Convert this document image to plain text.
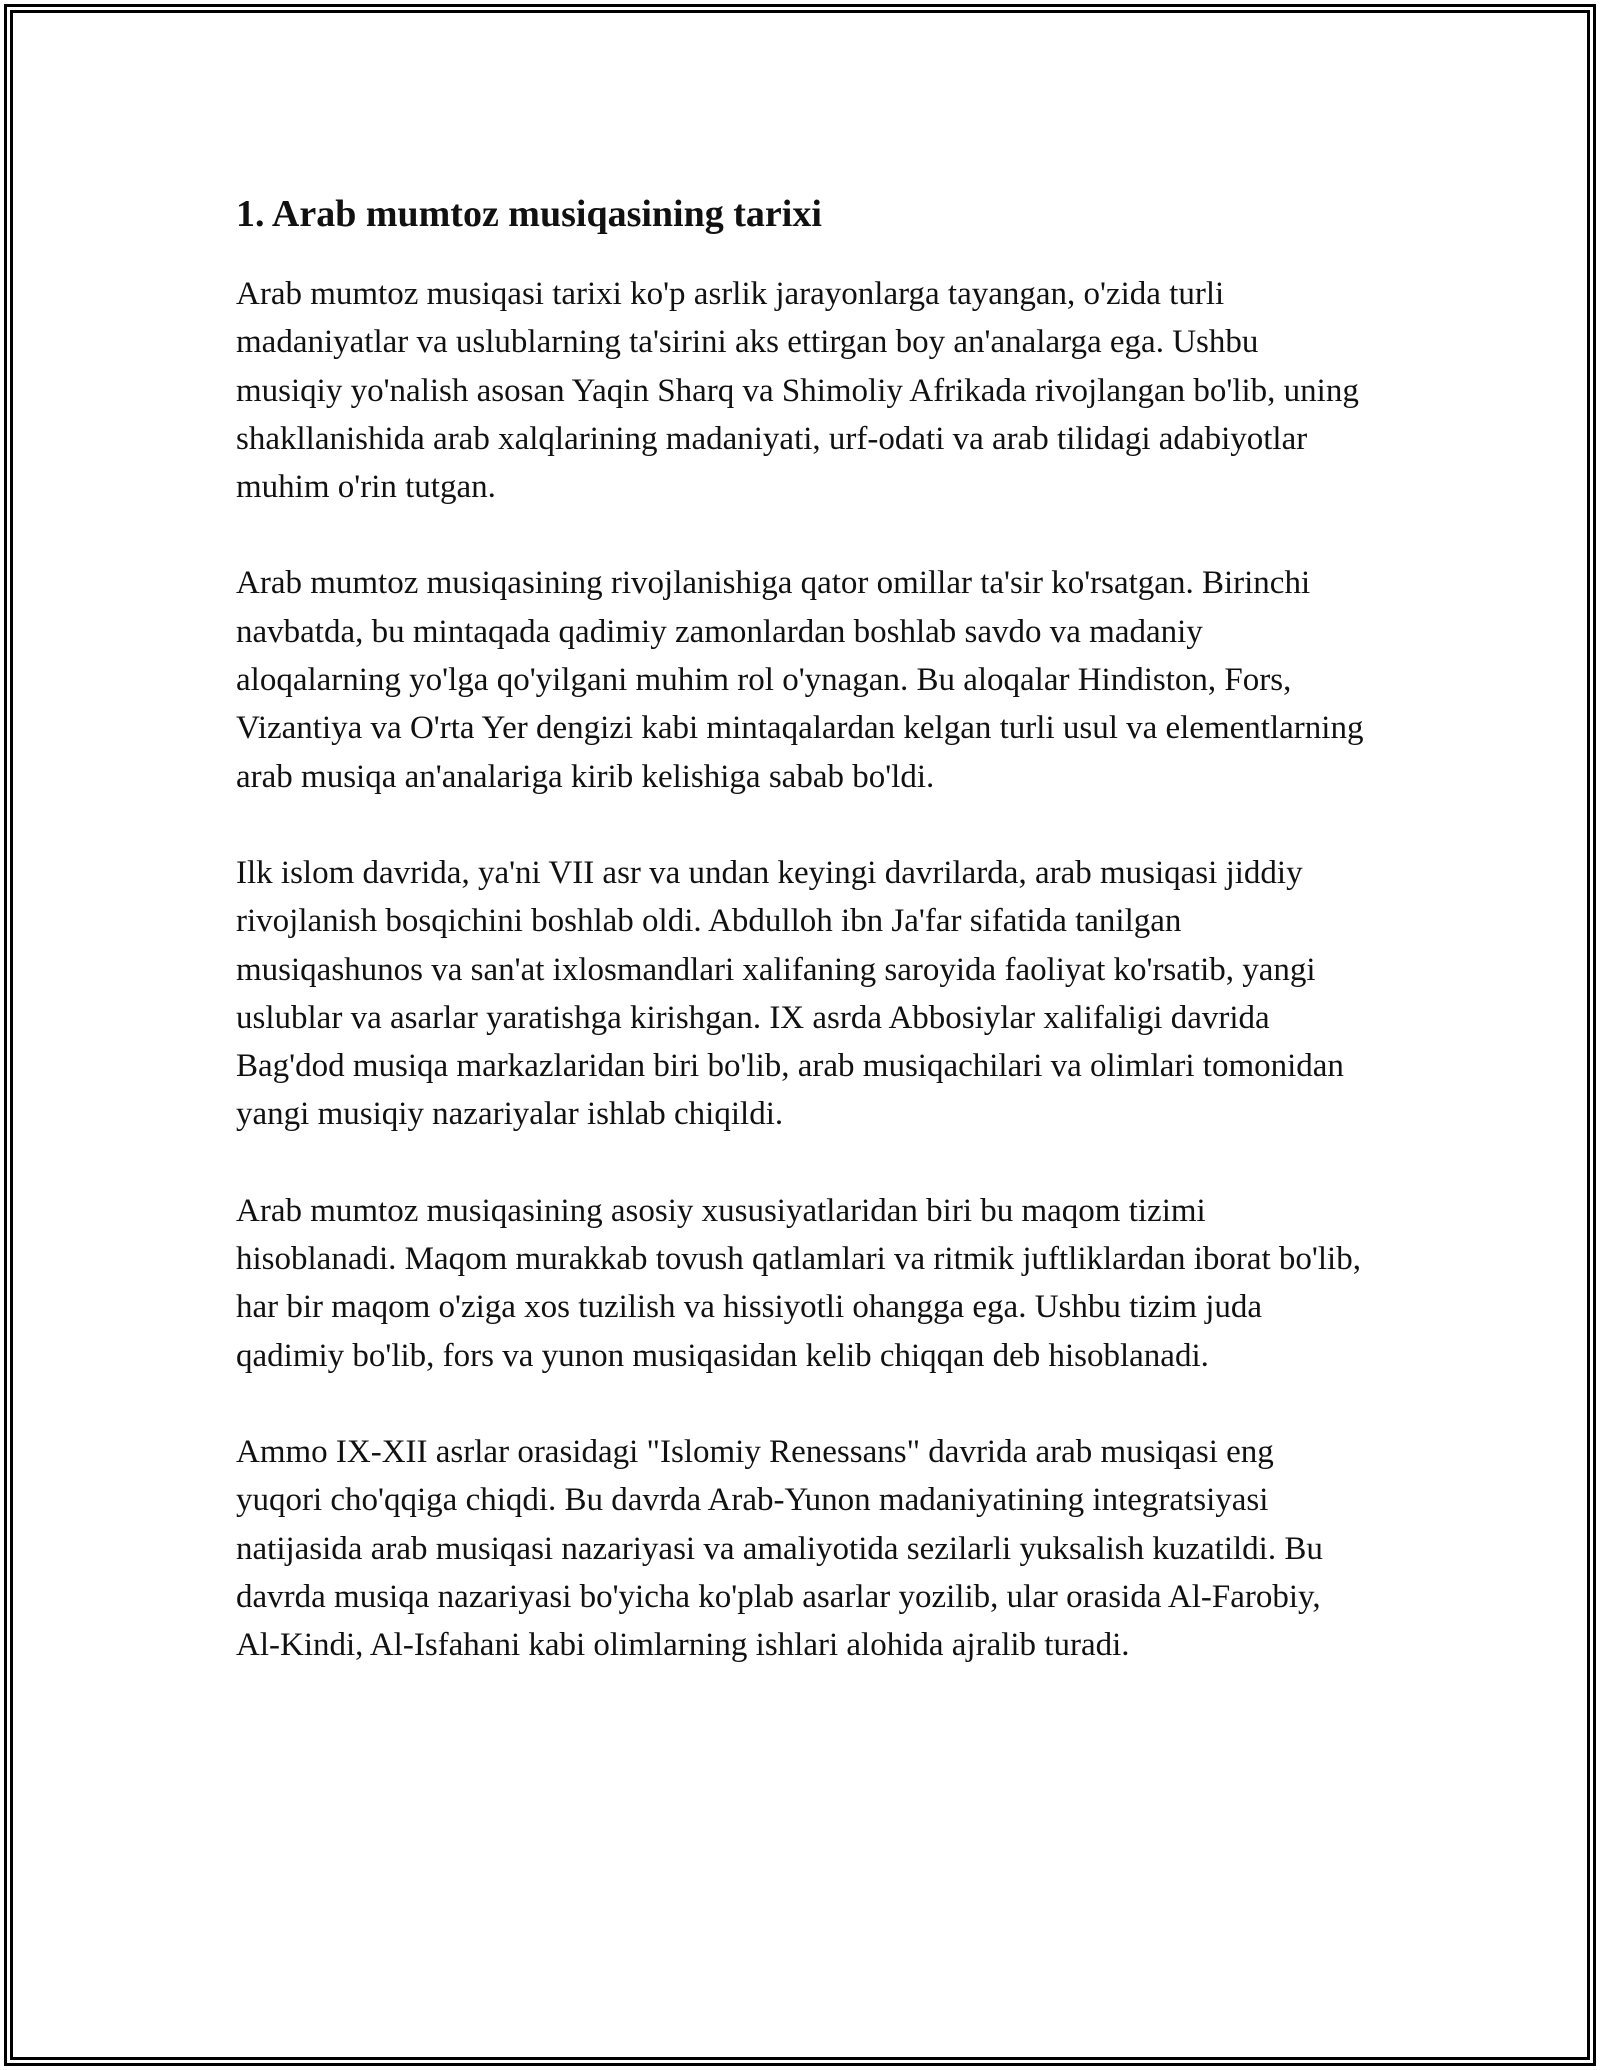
1. Arab mumtoz musiqasining tarixi

Arab mumtoz musiqasi tarixi ko'p asrlik jarayonlarga tayangan, o'zida turli madaniyatlar va uslublarning ta'sirini aks ettirgan boy an'analarga ega. Ushbu musiqiy yo'nalish asosan Yaqin Sharq va Shimoliy Afrikada rivojlangan bo'lib, uning shakllanishida arab xalqlarining madaniyati, urf-odati va arab tilidagi adabiyotlar muhim o'rin tutgan.

Arab mumtoz musiqasining rivojlanishiga qator omillar ta'sir ko'rsatgan. Birinchi navbatda, bu mintaqada qadimiy zamonlardan boshlab savdo va madaniy aloqalarning yo'lga qo'yilgani muhim rol o'ynagan. Bu aloqalar Hindiston, Fors, Vizantiya va O'rta Yer dengizi kabi mintaqalardan kelgan turli usul va elementlarning arab musiqa an'analariga kirib kelishiga sabab bo'ldi.

Ilk islom davrida, ya'ni VII asr va undan keyingi davrilarda, arab musiqasi jiddiy rivojlanish bosqichini boshlab oldi. Abdulloh ibn Ja'far sifatida tanilgan musiqashunos va san'at ixlosmandlari xalifaning saroyida faoliyat ko'rsatib, yangi uslublar va asarlar yaratishga kirishgan. IX asrda Abbosiylar xalifaligi davrida Bag'dod musiqa markazlaridan biri bo'lib, arab musiqachilari va olimlari tomonidan yangi musiqiy nazariyalar ishlab chiqildi.

Arab mumtoz musiqasining asosiy xususiyatlaridan biri bu maqom tizimi hisoblanadi. Maqom murakkab tovush qatlamlari va ritmik juftliklardan iborat bo'lib, har bir maqom o'ziga xos tuzilish va hissiyotli ohangga ega. Ushbu tizim juda qadimiy bo'lib, fors va yunon musiqasidan kelib chiqqan deb hisoblanadi.

Ammo IX-XII asrlar orasidagi "Islomiy Renessans" davrida arab musiqasi eng yuqori cho'qqiga chiqdi. Bu davrda Arab-Yunon madaniyatining integratsiyasi natijasida arab musiqasi nazariyasi va amaliyotida sezilarli yuksalish kuzatildi. Bu davrda musiqa nazariyasi bo'yicha ko'plab asarlar yozilib, ular orasida Al-Farobiy, Al-Kindi, Al-Isfahani kabi olimlarning ishlari alohida ajralib turadi.
